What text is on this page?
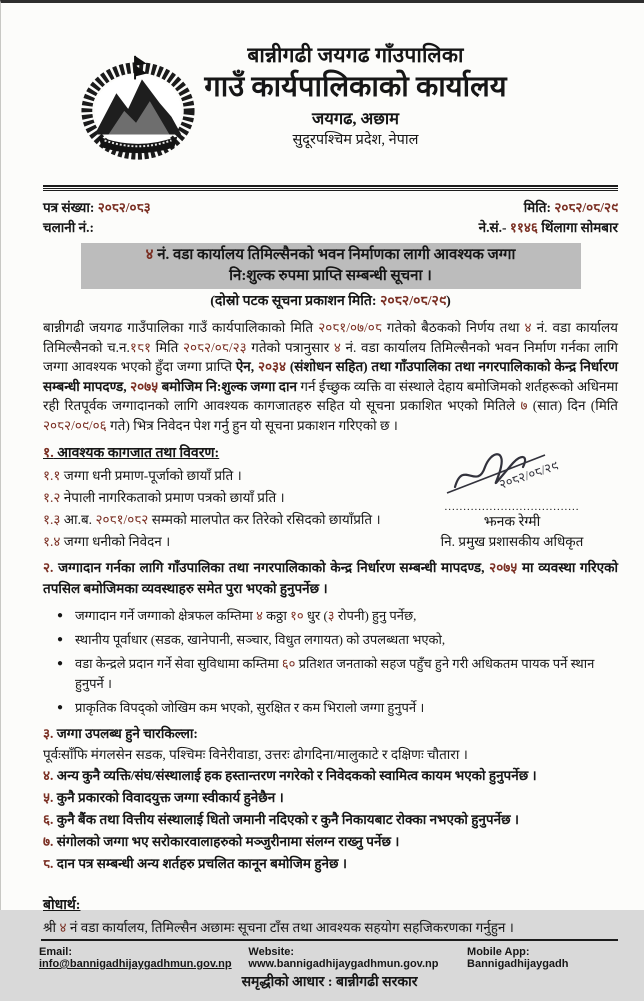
बान्नीगढी जयगढ गाँउपालिका
गाउँ कार्यपालिकाको कार्यालय
जयगढ, अछाम
सुदूरपश्चिम प्रदेश, नेपाल
पत्र संख्या: २०८२/०८३	मिति: २०८२/०८/२९
चलानी नं.:	ने.सं.- ११४६ थिंलागा सोमबार
४ नं. वडा कार्यालय तिमिल्सैनको भवन निर्माणका लागी आवश्यक जग्गा
नि:शुल्क रुपमा प्राप्ति सम्बन्धी सूचना ।
(दोस्रो पटक सूचना प्रकाशन मिति: २०८२/०८/२९)

बान्नीगढी जयगढ गाउँपालिका गाउँ कार्यपालिकाको मिति २०८१/०७/०८ गतेको बैठकको निर्णय तथा ४ नं. वडा कार्यालय तिमिल्सैनको च.न.१८१ मिति २०८२/०८/२३ गतेको पत्रानुसार ४ नं. वडा कार्यालय तिमिल्सैनको भवन निर्माण गर्नका लागि जग्गा आवश्यक भएको हुँदा जग्गा प्राप्ति ऐन, २०३४ (संशोधन सहित) तथा गाँउपालिका तथा नगरपालिकाको केन्द्र निर्धारण सम्बन्धी मापदण्ड, २०७५ बमोजिम नि:शुल्क जग्गा दान गर्न ईच्छुक व्यक्ति वा संस्थाले देहाय बमोजिमको शर्तहरूको अधिनमा रही रितपूर्वक जग्गादानको लागि आवश्यक कागजातहरु सहित यो सूचना प्रकाशित भएको मितिले ७ (सात) दिन (मिति २०८२/०९/०६ गते) भित्र निवेदन पेश गर्नु हुन यो सूचना प्रकाशन गरिएको छ ।

१. आवश्यक कागजात तथा विवरण:
१.१ जग्गा धनी प्रमाण-पूर्जाको छायाँ प्रति ।
१.२ नेपाली नागरिकताको प्रमाण पत्रको छायाँ प्रति ।
१.३ आ.ब. २०८१/०८२ सम्मको मालपोत कर तिरेको रसिदको छायाँप्रति ।
१.४ जग्गा धनीको निवेदन ।
२०८२/०८/२९
....................................
झनक रेग्मी
नि. प्रमुख प्रशासकीय अधिकृत
२. जग्गादान गर्नका लागि गाँउपालिका तथा नगरपालिकाको केन्द्र निर्धारण सम्बन्धी मापदण्ड, २०७५ मा व्यवस्था गरिएको तपसिल बमोजिमका व्यवस्थाहरु समेत पुरा भएको हुनुपर्नेछ ।
● जग्गादान गर्ने जग्गाको क्षेत्रफल कम्तिमा ४ कठ्ठा १० धुर (३ रोपनी) हुनु पर्नेछ,
● स्थानीय पूर्वाधार (सडक, खानेपानी, सञ्चार, विधुत लगायत) को उपलब्धता भएको,
● वडा केन्द्रले प्रदान गर्ने सेवा सुविधामा कम्तिमा ६० प्रतिशत जनताको सहज पहुँच हुने गरी अधिकतम पायक पर्ने स्थान हुनुपर्ने ।
● प्राकृतिक विपद्को जोखिम कम भएको, सुरक्षित र कम भिरालो जग्गा हुनुपर्ने ।
३. जग्गा उपलब्ध हुने चारकिल्ला:
पूर्वःसाँफि मंगलसेन सडक, पश्चिमः विनेरीवाडा, उत्तरः ढोगदिना/मालुकाटे र दक्षिणः चौतारा ।
४. अन्य कुनै व्यक्ति/संघ/संस्थालाई हक हस्तान्तरण नगरेको र निवेदकको स्वामित्व कायम भएको हुनुपर्नेछ ।
५. कुनै प्रकारको विवादयुक्त जग्गा स्वीकार्य हुनेछैन ।
६. कुनै बैंक तथा वित्तीय संस्थालाई धितो जमानी नदिएको र कुनै निकायबाट रोक्का नभएको हुनुपर्नेछ ।
७. संगोलको जग्गा भए सरोकारवालाहरुको मञ्जुरीनामा संलग्न राख्नु पर्नेछ ।
८. दान पत्र सम्बन्धी अन्य शर्तहरु प्रचलित कानून बमोजिम हुनेछ ।
बोधार्थ:
श्री ४ नं वडा कार्यालय, तिमिल्सैन अछामः सूचना टाँस तथा आवश्यक सहयोग सहजिकरणका गर्नुहुन ।
Email: info@bannigadhijaygadhmun.gov.np
Website: www.bannigadhijaygadhmun.gov.np
Mobile App: Bannigadhijaygadh
समृद्धीको आधार : बान्नीगढी सरकार
